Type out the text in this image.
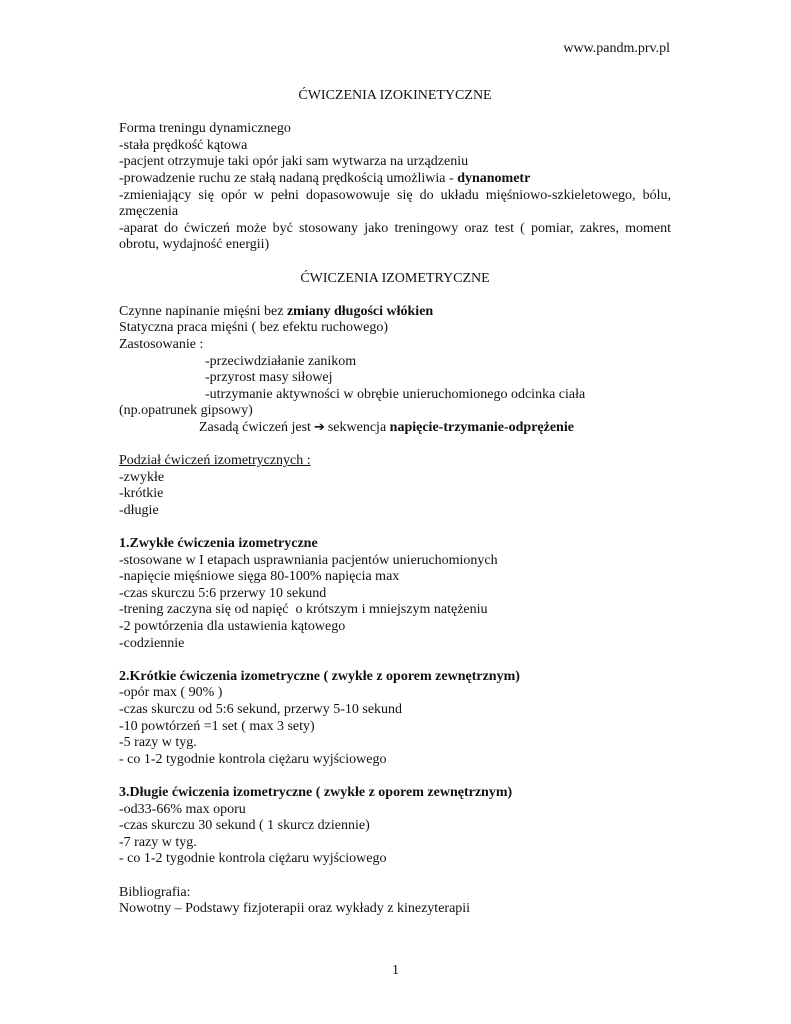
www.pandm.prv.pl
ĆWICZENIA IZOKINETYCZNE
Forma treningu dynamicznego
-stała prędkość kątowa
-pacjent otrzymuje taki opór jaki sam wytwarza na urządzeniu
-prowadzenie ruchu ze stałą nadaną prędkością umożliwia - dynanometr
-zmieniający się opór w pełni dopasowowuje się do układu mięśniowo-szkieletowego, bólu, zmęczenia
-aparat do ćwiczeń może być stosowany jako treningowy oraz test ( pomiar, zakres, moment obrotu, wydajność energii)
ĆWICZENIA IZOMETRYCZNE
Czynne napinanie mięśni bez zmiany długości włókien
Statyczna praca mięśni ( bez efektu ruchowego)
Zastosowanie :
-przeciwdziałanie zanikom
-przyrost masy siłowej
-utrzymanie aktywności w obrębie unieruchomionego odcinka ciała
(np.opatrunek gipsowy)
Zasadą ćwiczeń jest ➔ sekwencja napięcie-trzymanie-odprężenie
Podział ćwiczeń izometrycznych :
-zwykłe
-krótkie
-długie
1.Zwykłe ćwiczenia izometryczne
-stosowane w I etapach usprawniania pacjentów unieruchomionych
-napięcie mięśniowe sięga 80-100% napięcia max
-czas skurczu 5:6 przerwy 10 sekund
-trening zaczyna się od napięć  o krótszym i mniejszym natężeniu
-2 powtórzenia dla ustawienia kątowego
-codziennie
2.Krótkie ćwiczenia izometryczne ( zwykłe z oporem zewnętrznym)
-opór max ( 90% )
-czas skurczu od 5:6 sekund, przerwy 5-10 sekund
-10 powtórzeń =1 set ( max 3 sety)
-5 razy w tyg.
- co 1-2 tygodnie kontrola ciężaru wyjściowego
3.Długie ćwiczenia izometryczne ( zwykłe z oporem zewnętrznym)
-od33-66% max oporu
-czas skurczu 30 sekund ( 1 skurcz dziennie)
-7 razy w tyg.
- co 1-2 tygodnie kontrola ciężaru wyjściowego
Bibliografia:
Nowotny – Podstawy fizjoterapii oraz wykłady z kinezyterapii
1
